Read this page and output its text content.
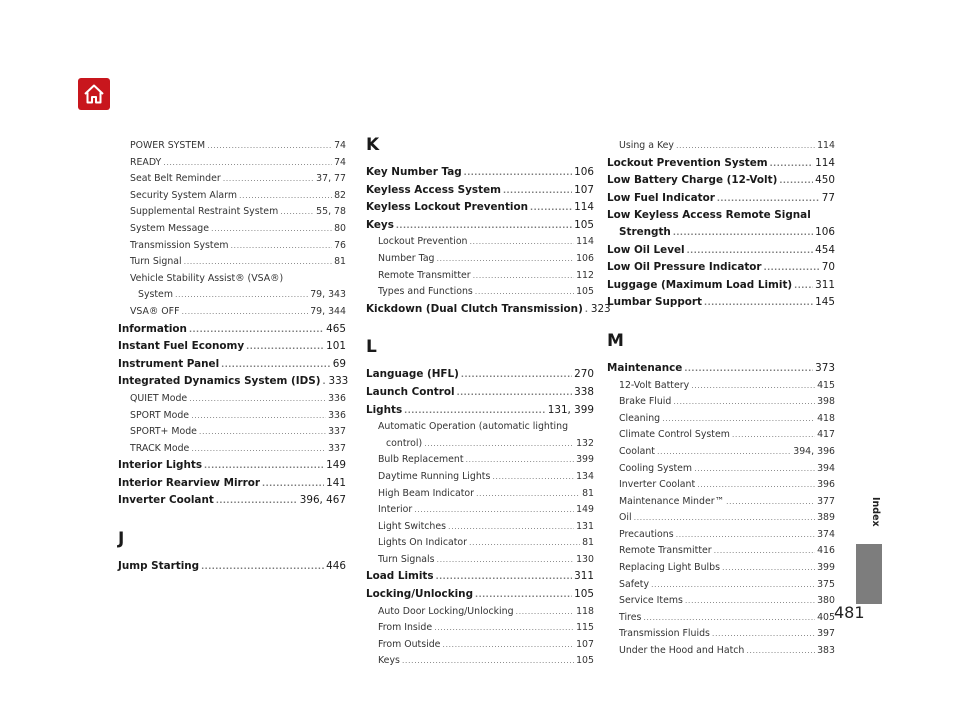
POWER SYSTEM .....	74
READY .....	74
Seat Belt Reminder .....	37, 77
Security System Alarm .....	82
Supplemental Restraint System .....	55, 78
System Message .....	80
Transmission System .....	76
Turn Signal .....	81
Vehicle Stability Assist® (VSA®)
System .....	79, 343
VSA® OFF .....	79, 344
Information .....	465
Instant Fuel Economy .....	101
Instrument Panel .....	69
Integrated Dynamics System (IDS) ..... 333
QUIET Mode .....	336
SPORT Mode .....	336
SPORT+ Mode .....	337
TRACK Mode .....	337
Interior Lights .....	149
Interior Rearview Mirror .....	141
Inverter Coolant .....	396, 467
J
Jump Starting .....	446
K
Key Number Tag .....	106
Keyless Access System .....	107
Keyless Lockout Prevention .....	114
Keys .....	105
Lockout Prevention .....	114
Number Tag .....	106
Remote Transmitter .....	112
Types and Functions .....	105
Kickdown (Dual Clutch Transmission) ..... 323
L
Language (HFL) .....	270
Launch Control .....	338
Lights .....	131, 399
Automatic Operation (automatic lighting
control) .....	132
Bulb Replacement .....	399
Daytime Running Lights .....	134
High Beam Indicator .....	81
Interior .....	149
Light Switches .....	131
Lights On Indicator .....	81
Turn Signals .....	130
Load Limits .....	311
Locking/Unlocking .....	105
Auto Door Locking/Unlocking .....	118
From Inside .....	115
From Outside .....	107
Keys .....	105
Using a Key .....	114
Lockout Prevention System .....	114
Low Battery Charge (12-Volt) .....	450
Low Fuel Indicator .....	77
Low Keyless Access Remote Signal
Strength .....	106
Low Oil Level .....	454
Low Oil Pressure Indicator .....	70
Luggage (Maximum Load Limit) ..... 311
Lumbar Support .....	145
M
Maintenance .....	373
12-Volt Battery .....	415
Brake Fluid .....	398
Cleaning .....	418
Climate Control System .....	417
Coolant .....	394, 396
Cooling System .....	394
Inverter Coolant .....	396
Maintenance Minder™ .....	377
Oil .....	389
Precautions .....	374
Remote Transmitter .....	416
Replacing Light Bulbs .....	399
Safety .....	375
Service Items .....	380
Tires .....	405
Transmission Fluids .....	397
Under the Hood and Hatch .....	383
Index
481
